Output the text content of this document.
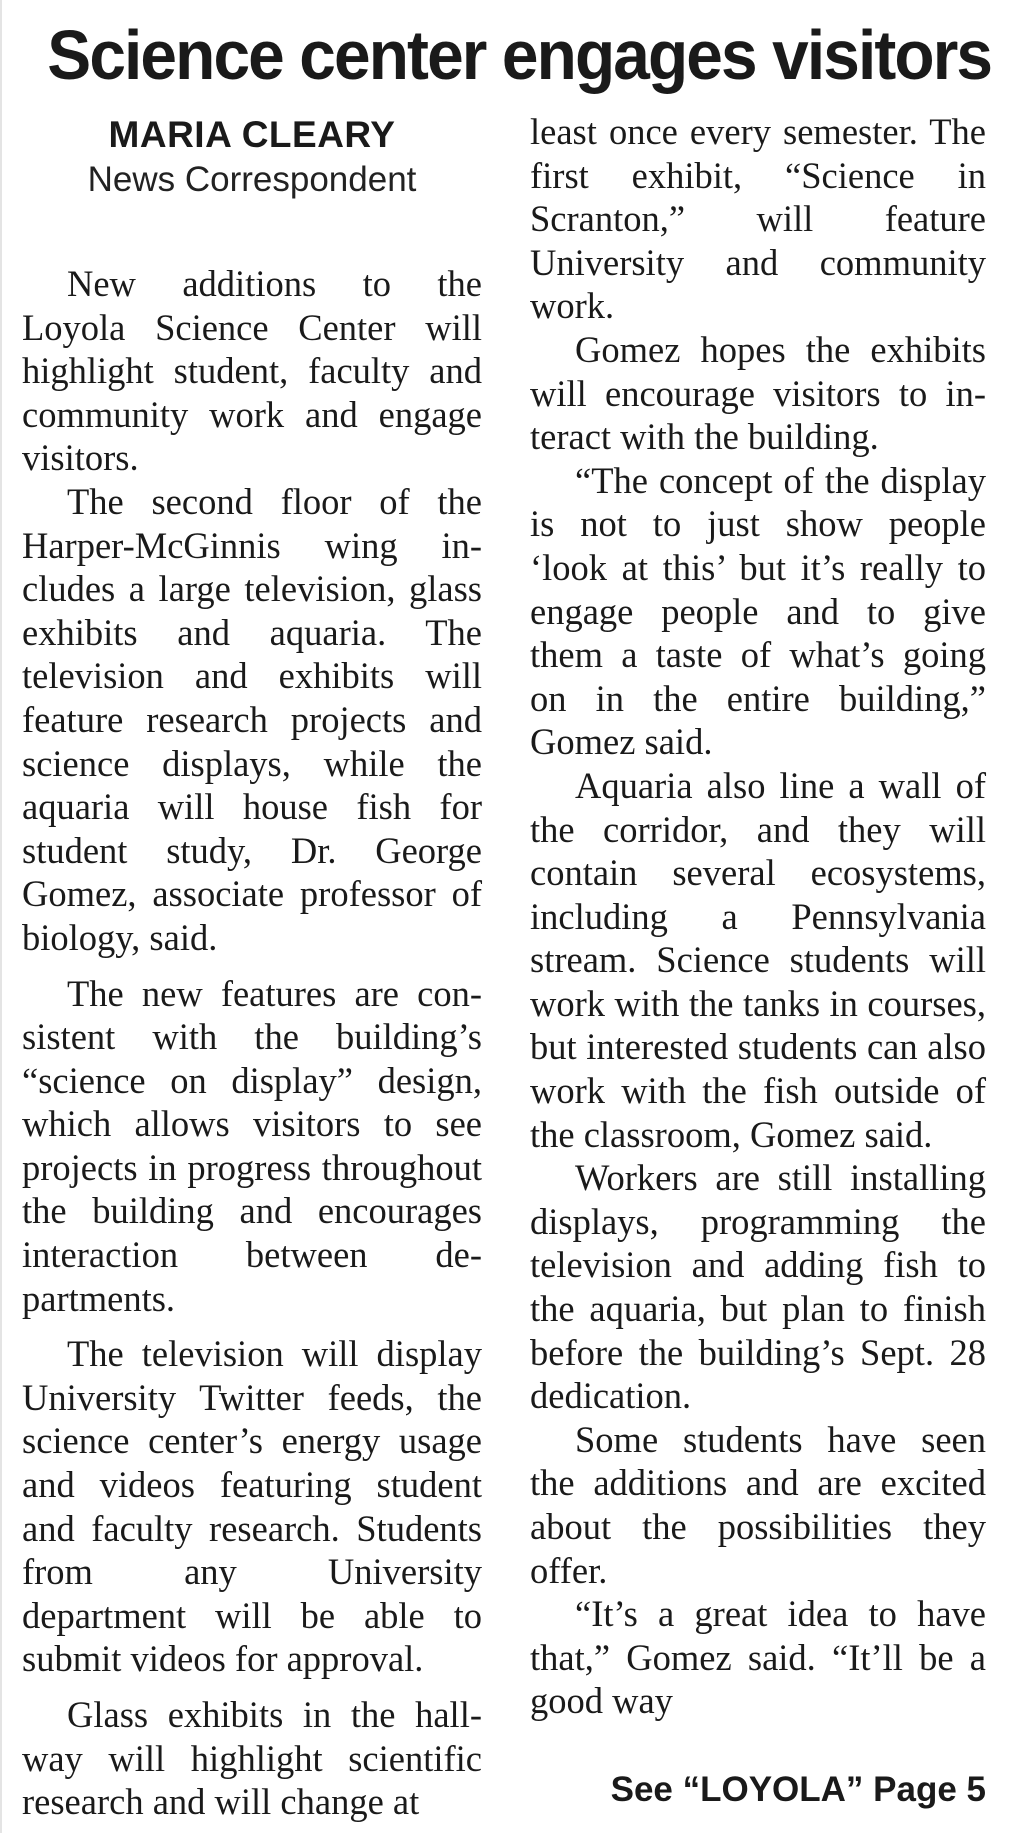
Science center engages visitors
MARIA CLEARY
News Correspondent

New additions to the Loyola Science Center will highlight student, faculty and community work and engage visitors.

The second floor of the Harper-McGinnis wing includes a large television, glass exhibits and aquaria. The television and exhibits will feature research projects and science displays, while the aquaria will house fish for student study, Dr. George Gomez, associate professor of biology, said.

The new features are consistent with the building’s “science on display” design, which allows visitors to see projects in progress throughout the building and encourages interaction between departments.

The television will display University Twitter feeds, the science center’s energy usage and videos featuring student and faculty research. Students from any University department will be able to submit videos for approval.

Glass exhibits in the hallway will highlight scientific research and will change at

least once every semester. The first exhibit, “Science in Scranton,” will feature University and community work.

Gomez hopes the exhibits will encourage visitors to interact with the building.

“The concept of the display is not to just show people ‘look at this’ but it’s really to engage people and to give them a taste of what’s going on in the entire building,” Gomez said.

Aquaria also line a wall of the corridor, and they will contain several ecosystems, including a Pennsylvania stream. Science students will work with the tanks in courses, but interested students can also work with the fish outside of the classroom, Gomez said.

Workers are still installing displays, programming the television and adding fish to the aquaria, but plan to finish before the building’s Sept. 28 dedication.

Some students have seen the additions and are excited about the possibilities they offer.

“It’s a great idea to have that,” Gomez said. “It’ll be a good way

See “LOYOLA” Page 5
